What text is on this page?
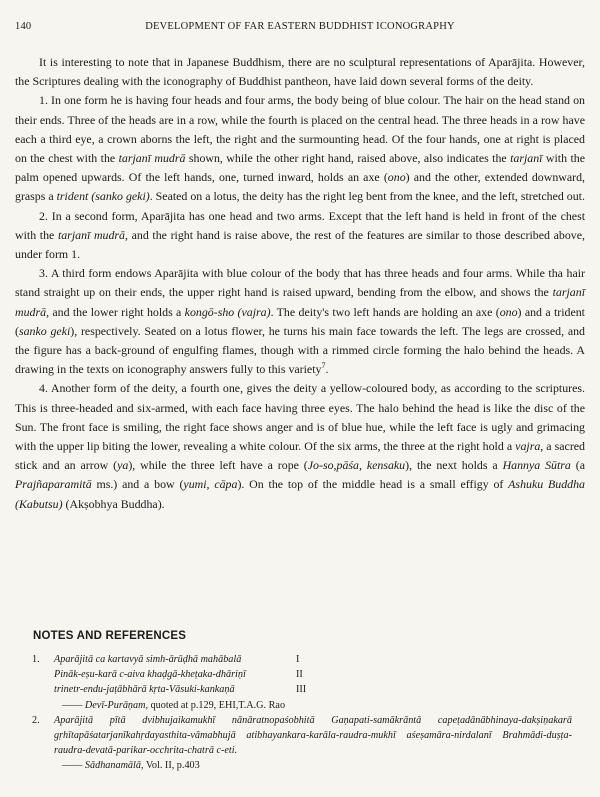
140	DEVELOPMENT OF FAR EASTERN BUDDHIST ICONOGRAPHY

It is interesting to note that in Japanese Buddhism, there are no sculptural representations of Aparājita. However, the Scriptures dealing with the iconography of Buddhist pantheon, have laid down several forms of the deity.

1. In one form he is having four heads and four arms, the body being of blue colour. The hair on the head stand on their ends. Three of the heads are in a row, while the fourth is placed on the central head. The three heads in a row have each a third eye, a crown aborns the left, the right and the surmounting head. Of the four hands, one at right is placed on the chest with the tarjanī mudrā shown, while the other right hand, raised above, also indicates the tarjanī with the palm opened upwards. Of the left hands, one, turned inward, holds an axe (ono) and the other, extended downward, grasps a trident (sanko geki). Seated on a lotus, the deity has the right leg bent from the knee, and the left, stretched out.

2. In a second form, Aparājita has one head and two arms. Except that the left hand is held in front of the chest with the tarjanī mudrā, and the right hand is raise above, the rest of the features are similar to those described above, under form 1.

3. A third form endows Aparājita with blue colour of the body that has three heads and four arms. While tha hair stand straight up on their ends, the upper right hand is raised upward, bending from the elbow, and shows the tarjanī mudrā, and the lower right holds a kongō-sho (vajra). The deity's two left hands are holding an axe (ono) and a trident (sanko geki), respectively. Seated on a lotus flower, he turns his main face towards the left. The legs are crossed, and the figure has a back-ground of engulfing flames, though with a rimmed circle forming the halo behind the heads. A drawing in the texts on iconography answers fully to this variety$^7$.

4. Another form of the deity, a fourth one, gives the deity a yellow-coloured body, as according to the scriptures. This is three-headed and six-armed, with each face having three eyes. The halo behind the head is like the disc of the Sun. The front face is smiling, the right face shows anger and is of blue hue, while the left face is ugly and grimacing with the upper lip biting the lower, revealing a white colour. Of the six arms, the three at the right hold a vajra, a sacred stick and an arrow (ya), while the three left have a rope (Jo-so,pāśa, kensaku), the next holds a Hannya Sūtra (a Prajñaparamitā ms.) and a bow (yumi, cāpa). On the top of the middle head is a small effigy of Ashuku Buddha (Kabutsu) (Akṣobhya Buddha).

NOTES AND REFERENCES
1. Aparājitā ca kartavyā simh-ārūḍhā mahābalā	I
Pināk-eṣu-karā c-aiva khaḍgā-kheṭaka-dhāriṇī	II
trinetr-endu-jaṭābhārā kṛta-Vāsuki-kankaṇā	III
—— Devī-Purāṇam, quoted at p.129, EHI,T.A.G. Rao
2. Aparājitā pītā dvibhujaikamukhī nānāratnopaśobhitā Gaṇapati-samākrāntā capeṭadānābhinaya-dakṣiṇakarā gṛhītapāśatarjanīkahṛdayasthita-vāmabhujā atibhayankara-karāla-raudra-mukhī aśeṣamāra-nirdalanī Brahmādi-duṣṭa-raudra-devatā-parikar-occhrita-chatrā c-eti.
—— Sādhanamālā, Vol. II, p.403
